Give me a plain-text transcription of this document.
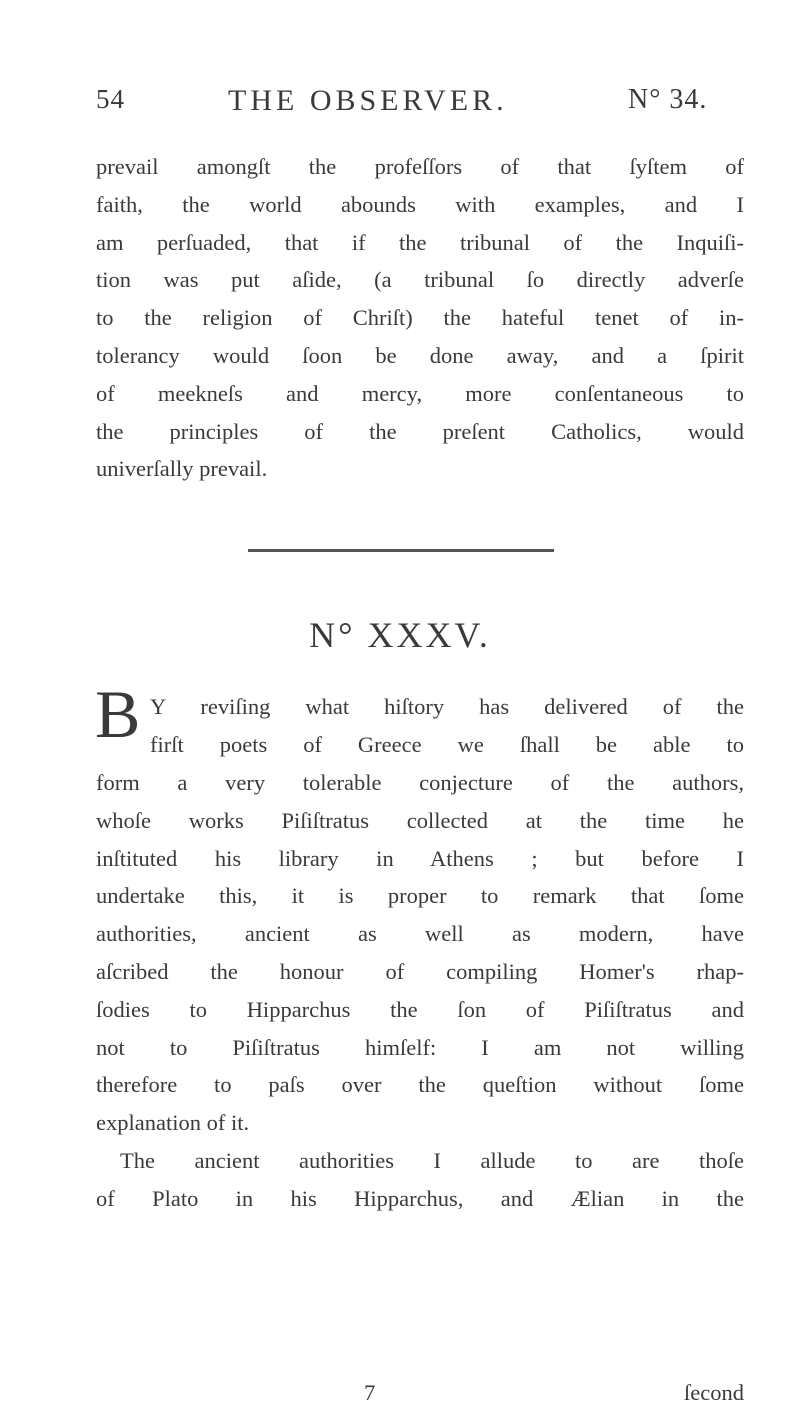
54	THE OBSERVER.	N° 34.
prevail amongſt the profeſſors of that ſyſtem of
faith, the world abounds with examples, and I
am perſuaded, that if the tribunal of the Inquiſi-
tion was put aſide, (a tribunal ſo directly adverſe
to the religion of Chriſt) the hateful tenet of in-
tolerancy would ſoon be done away, and a ſpirit
of meekneſs and mercy, more conſentaneous to
the principles of the preſent Catholics, would
univerſally prevail.
N° XXXV.
B Y reviſing what hiſtory has delivered of the
firſt poets of Greece we ſhall be able to
form a very tolerable conjecture of the authors,
whoſe works Piſiſtratus collected at the time he
inſtituted his library in Athens ; but before I
undertake this, it is proper to remark that ſome
authorities, ancient as well as modern, have
aſcribed the honour of compiling Homer's rhap-
ſodies to Hipparchus the ſon of Piſiſtratus and
not to Piſiſtratus himſelf: I am not willing
therefore to paſs over the queſtion without ſome
explanation of it.
The ancient authorities I allude to are thoſe
of Plato in his Hipparchus, and Ælian in the
7	ſecond
